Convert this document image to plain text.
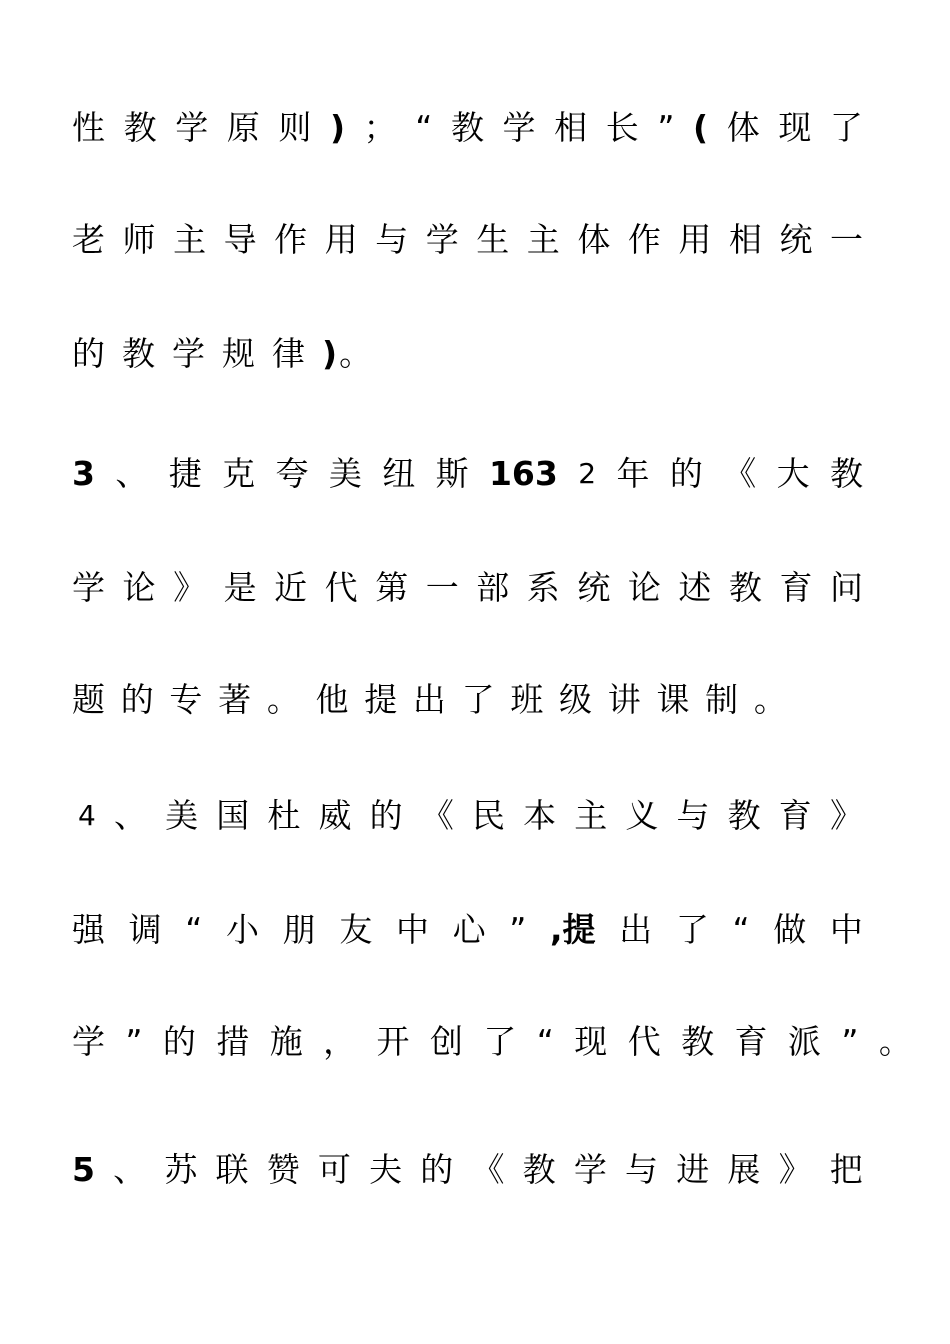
性 教 学 原 则 ) ； “ 教 学 相 长 ” ( 体 现 了
老 师 主 导 作 用 与 学 生 主 体 作 用 相 统 一
的 教 学 规 律 ) 。
3 、 捷 克 夸 美 纽 斯 163 2 年 的 《 大 教
学 论 》 是 近 代 第 一 部 系 统 论 述 教 育 问
题 的 专 著 。 他 提 出 了 班 级 讲 课 制 。
4 、 美 国 杜 威 的 《 民 本 主 义 与 教 育 》
强 调 “ 小 朋 友 中 心 ” ,提 出 了 “ 做 中
学 ” 的 措 施 ， 开 创 了 “ 现 代 教 育 派 ” 。
5 、 苏 联 赞 可 夫 的 《 教 学 与 进 展 》 把
